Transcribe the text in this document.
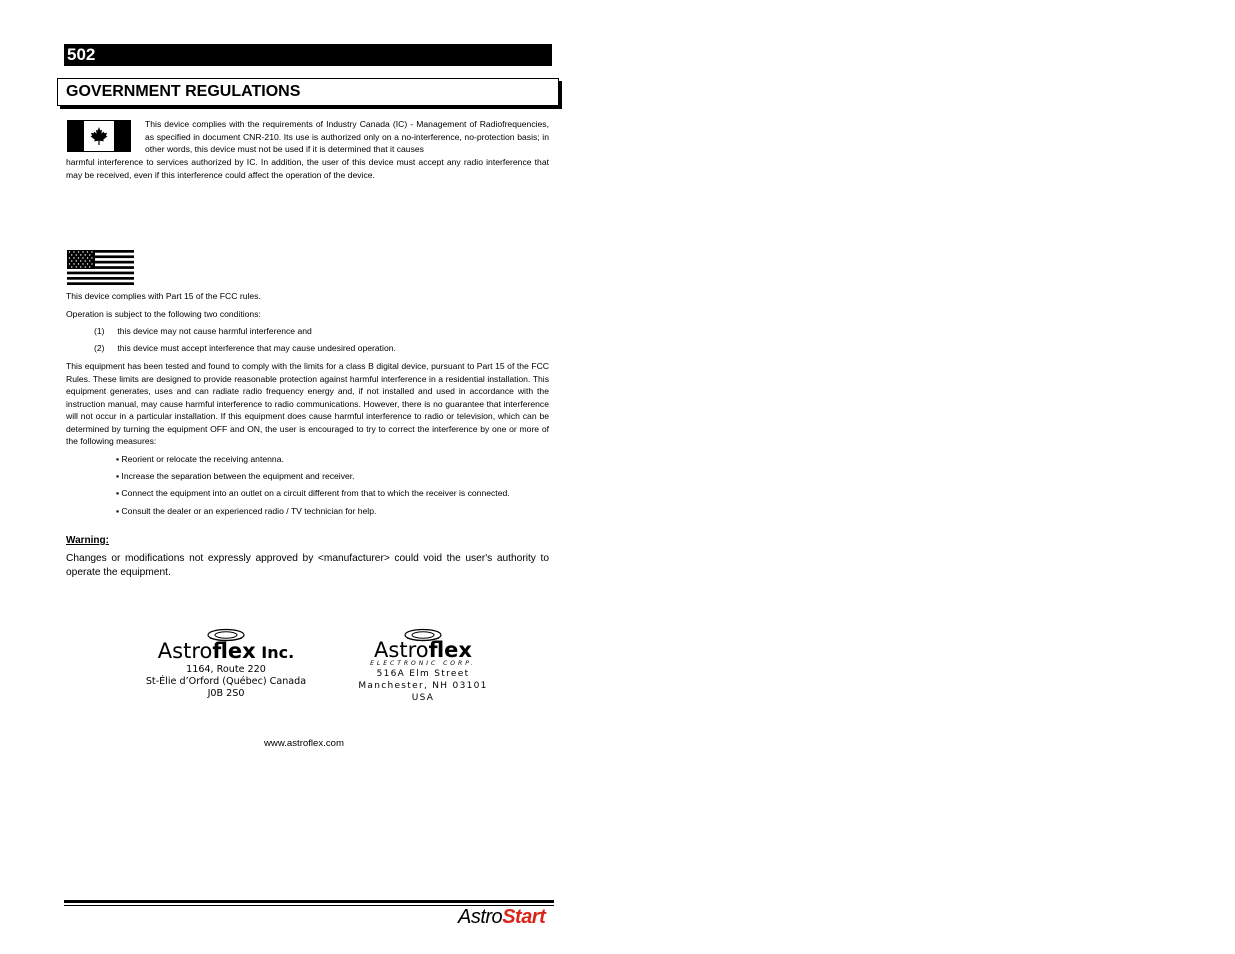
502
GOVERNMENT REGULATIONS
This device complies with the requirements of Industry Canada (IC) - Management of Radiofrequencies, as specified in document CNR-210. Its use is authorized only on a no-interference, no-protection basis; in other words, this device must not be used if it is determined that it causes
harmful interference to services authorized by IC. In addition, the user of this device must accept any radio interference that may be received, even if this interference could affect the operation of the device.
This device complies with Part 15 of the FCC rules.
Operation is subject to the following two conditions:
(1) this device may not cause harmful interference and
(2) this device must accept interference that may cause undesired operation.
This equipment has been tested and found to comply with the limits for a class B digital device, pursuant to Part 15 of the FCC Rules. These limits are designed to provide reasonable protection against harmful interference in a residential installation. This equipment generates, uses and can radiate radio frequency energy and, if not installed and used in accordance with the instruction manual, may cause harmful interference to radio communications. However, there is no guarantee that interference will not occur in a particular installation. If this equipment does cause harmful interference to radio or television, which can be determined by turning the equipment OFF and ON, the user is encouraged to try to correct the interference by one or more of the following measures:
▪ Reorient or relocate the receiving antenna.
▪ Increase the separation between the equipment and receiver.
▪ Connect the equipment into an outlet on a circuit different from that to which the receiver is connected.
▪ Consult the dealer or an experienced radio / TV technician for help.
Warning:
Changes or modifications not expressly approved by <manufacturer> could void the user's authority to operate the equipment.
Astroflex Inc.
1164, Route 220
St-Élie d’Orford (Québec) Canada
J0B 2S0
Astroflex
ELECTRONIC CORP.
516A Elm Street
Manchester, NH 03101
USA
www.astroflex.com
AstroStart
